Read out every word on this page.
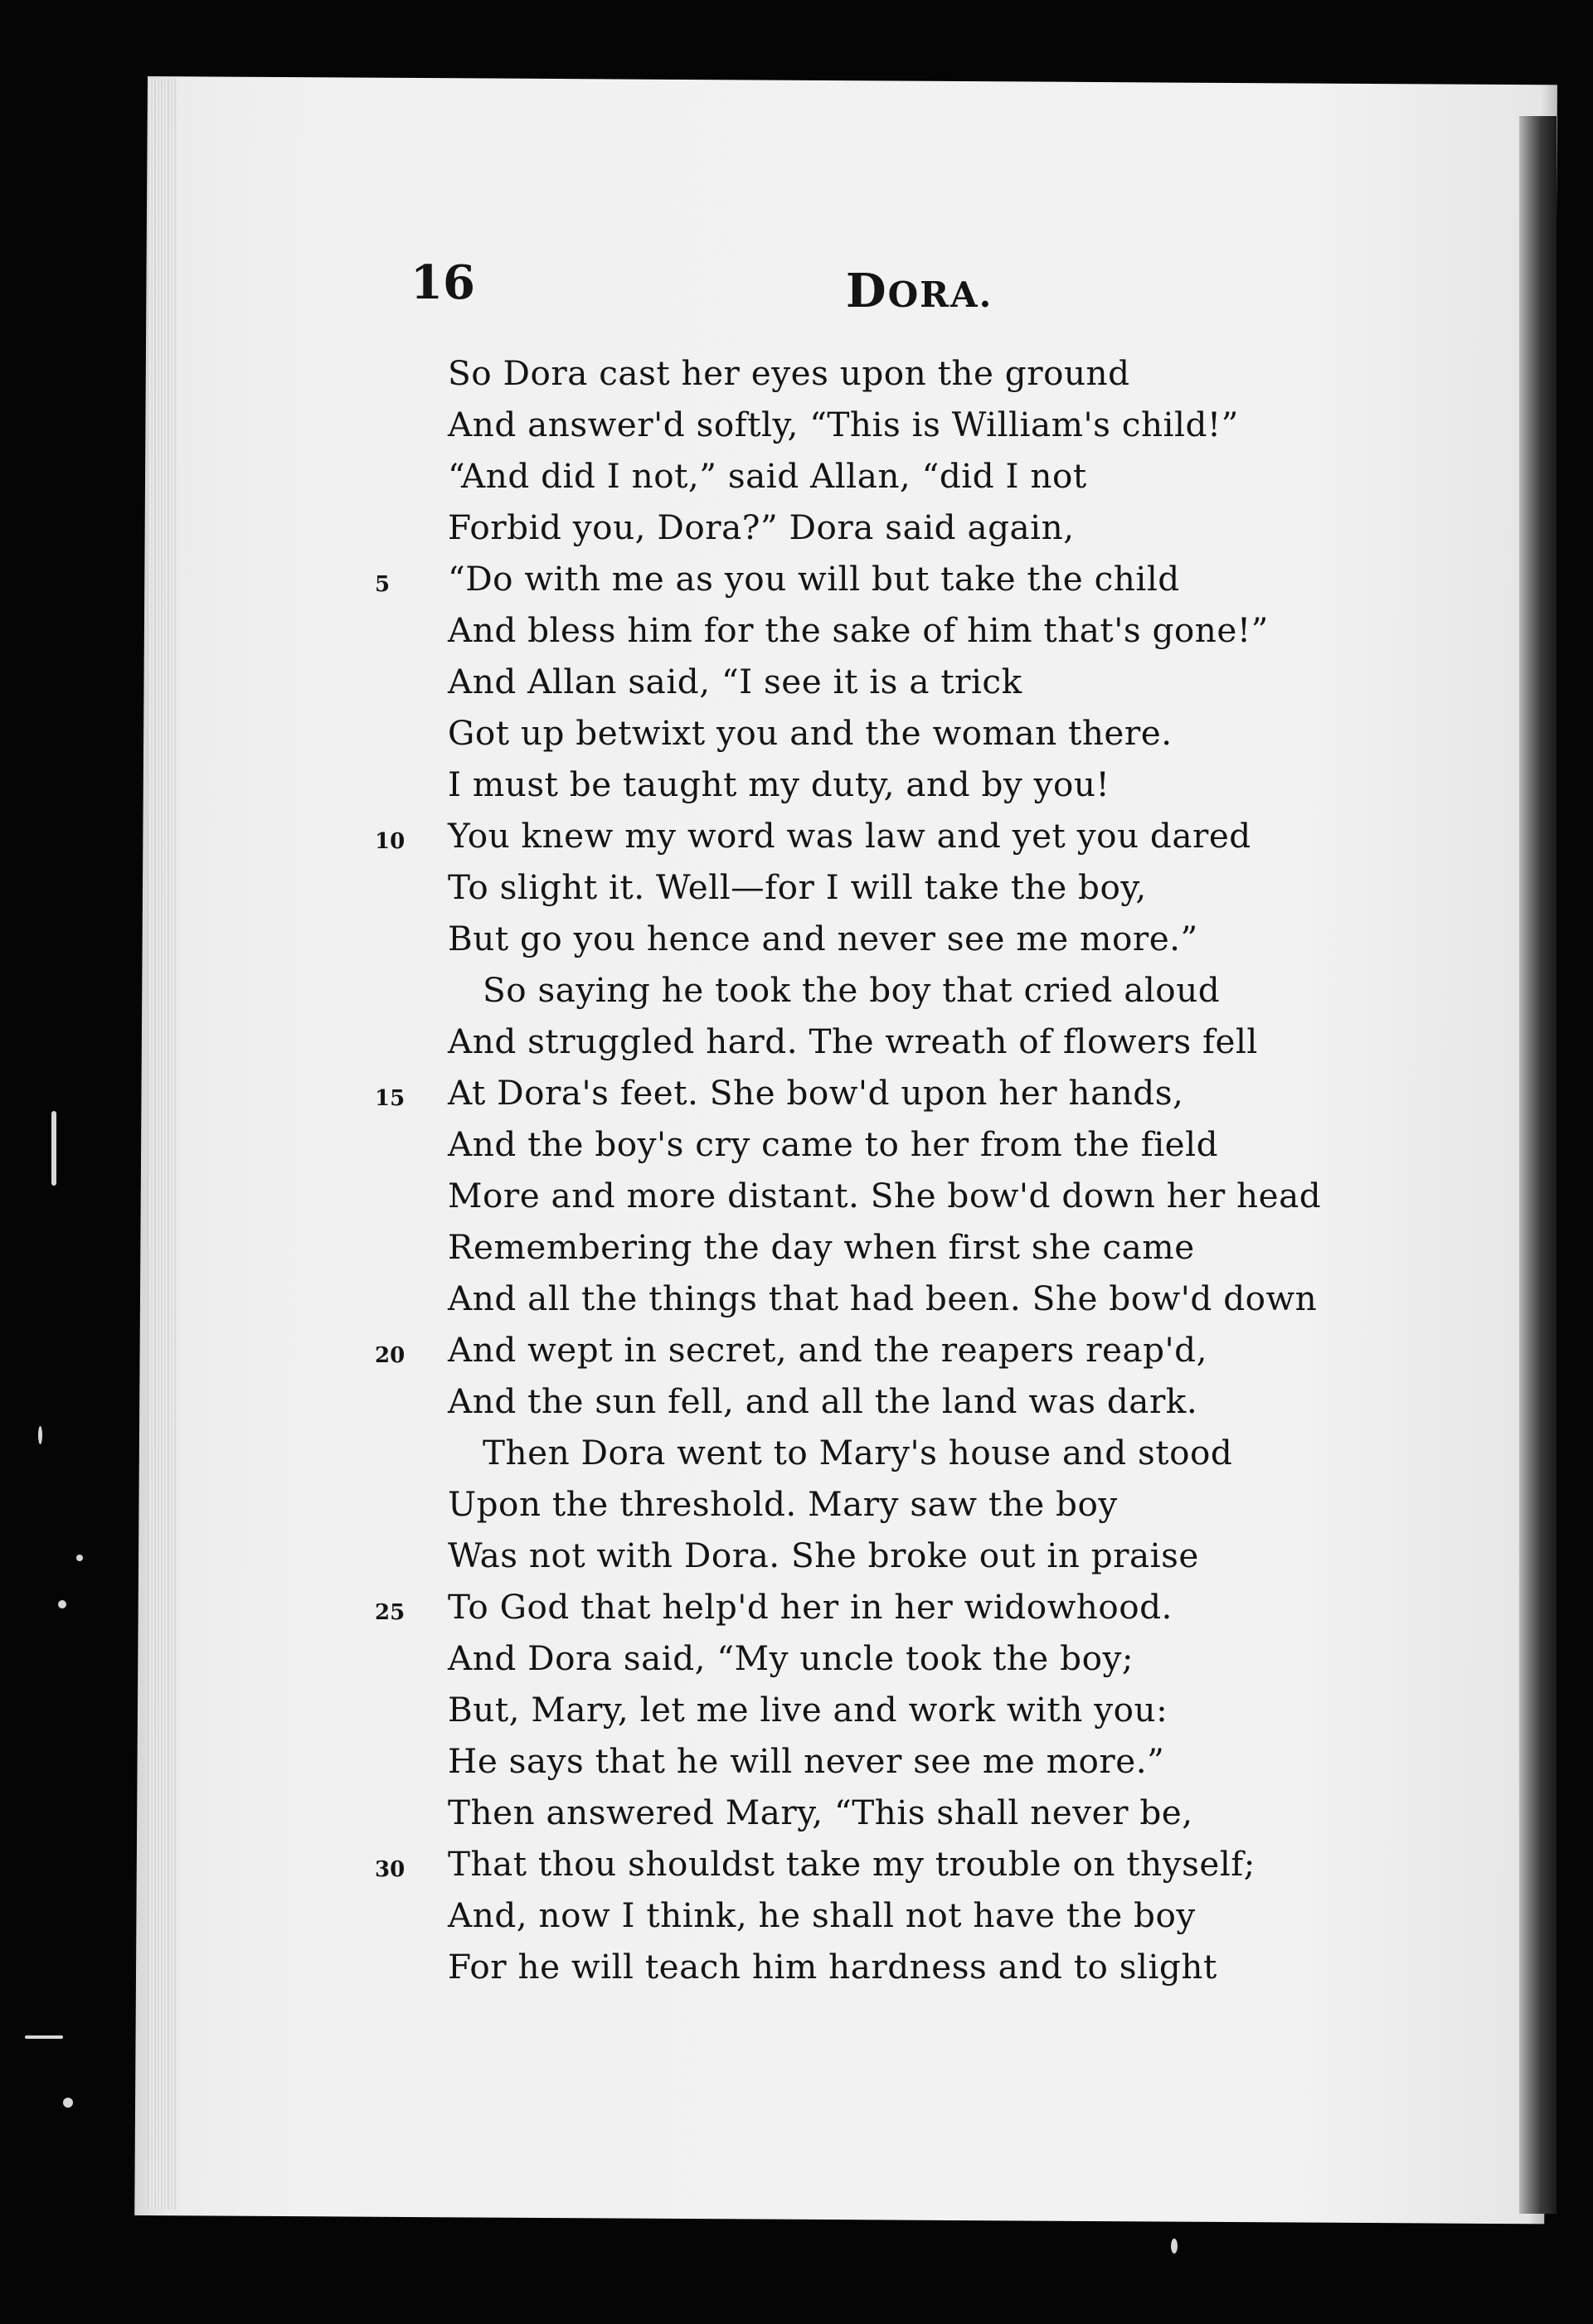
16	DORA.
So Dora cast her eyes upon the ground
And answer'd softly, “This is William's child!”
“And did I not,” said Allan, “did I not
Forbid you, Dora?” Dora said again,
“Do with me as you will but take the child
And bless him for the sake of him that's gone!”
And Allan said, “I see it is a trick
Got up betwixt you and the woman there.
I must be taught my duty, and by you!
You knew my word was law and yet you dared
To slight it. Well—for I will take the boy,
But go you hence and never see me more.”
So saying he took the boy that cried aloud
And struggled hard. The wreath of flowers fell
At Dora's feet. She bow'd upon her hands,
And the boy's cry came to her from the field
More and more distant. She bow'd down her head
Remembering the day when first she came
And all the things that had been. She bow'd down
And wept in secret, and the reapers reap'd,
And the sun fell, and all the land was dark.
Then Dora went to Mary's house and stood
Upon the threshold. Mary saw the boy
Was not with Dora. She broke out in praise
To God that help'd her in her widowhood.
And Dora said, “My uncle took the boy;
But, Mary, let me live and work with you:
He says that he will never see me more.”
Then answered Mary, “This shall never be,
That thou shouldst take my trouble on thyself;
And, now I think, he shall not have the boy
For he will teach him hardness and to slight
5
10
15
20
25
30
